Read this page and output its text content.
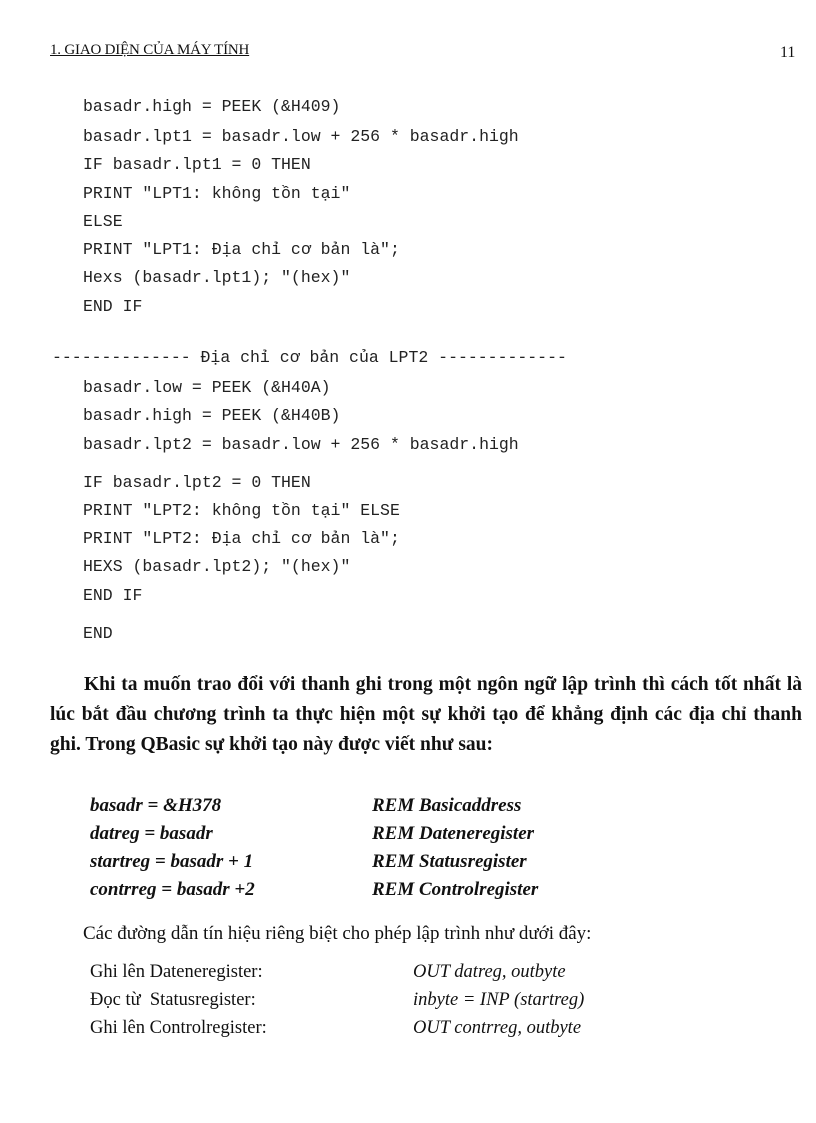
1. GIAO DIỆN CỦA MÁY TÍNH	11
basadr.high = PEEK (&H409)
basadr.lpt1 = basadr.low + 256 * basadr.high
IF basadr.lpt1 = 0 THEN
PRINT "LPT1: không tồn tại"
ELSE
PRINT "LPT1: Địa chỉ cơ bản là";
Hexs (basadr.lpt1); "(hex)"
END IF
-------------- Địa chỉ cơ bản của LPT2 -------------
basadr.low = PEEK (&H40A)
basadr.high = PEEK (&H40B)
basadr.lpt2 = basadr.low + 256 * basadr.high
IF basadr.lpt2 = 0 THEN
PRINT "LPT2: không tồn tại" ELSE
PRINT "LPT2: Địa chỉ cơ bản là";
HEXS (basadr.lpt2); "(hex)"
END IF
END

Khi ta muốn trao đổi với thanh ghi trong một ngôn ngữ lập trình thì cách tốt nhất là lúc bắt đầu chương trình ta thực hiện một sự khởi tạo để khẳng định các địa chỉ thanh ghi. Trong QBasic sự khởi tạo này được viết như sau:

basadr = &H378	REM Basicaddress
datreg = basadr	REM Dateneregister
startreg = basadr + 1	REM Statusregister
contrreg = basadr +2	REM Controlregister

Các đường dẫn tín hiệu riêng biệt cho phép lập trình như dưới đây:

Ghi lên Dateneregister:	OUT datreg, outbyte
Đọc từ  Statusregister:	inbyte = INP (startreg)
Ghi lên Controlregister:	OUT contrreg, outbyte
